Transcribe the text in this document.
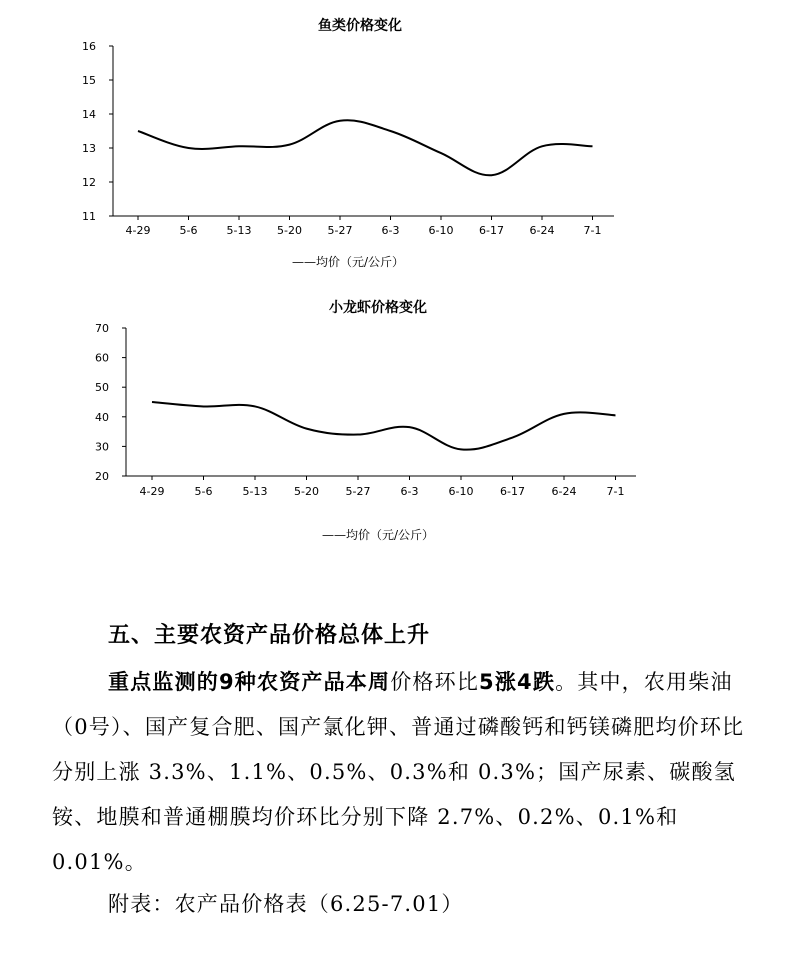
鱼类价格变化
——均价（元/公斤）
16
15
14
13
12
11
4-29	5-6	5-13 5-20 5-27	6-3	6-10 6-17 6-24	7-1
小龙虾价格变化
——均价（元/公斤）
70
60
50
40
30
20
4-29	5-6	5-13 5-20 5-27	6-3	6-10 6-17 6-24	7-1
五、主要农资产品价格总体上升
重点监测的9种农资产品本周价格环比5涨4跌。其中，农用柴油（0号）、国产复合肥、国产氯化钾、普通过磷酸钙和钙镁磷肥均价环比分别上涨 3.3%、1.1%、0.5%、0.3%和 0.3%；国产尿素、碳酸氢铵、地膜和普通棚膜均价环比分别下降 2.7%、0.2%、0.1%和 0.01%。
附表：农产品价格表（6.25-7.01）
